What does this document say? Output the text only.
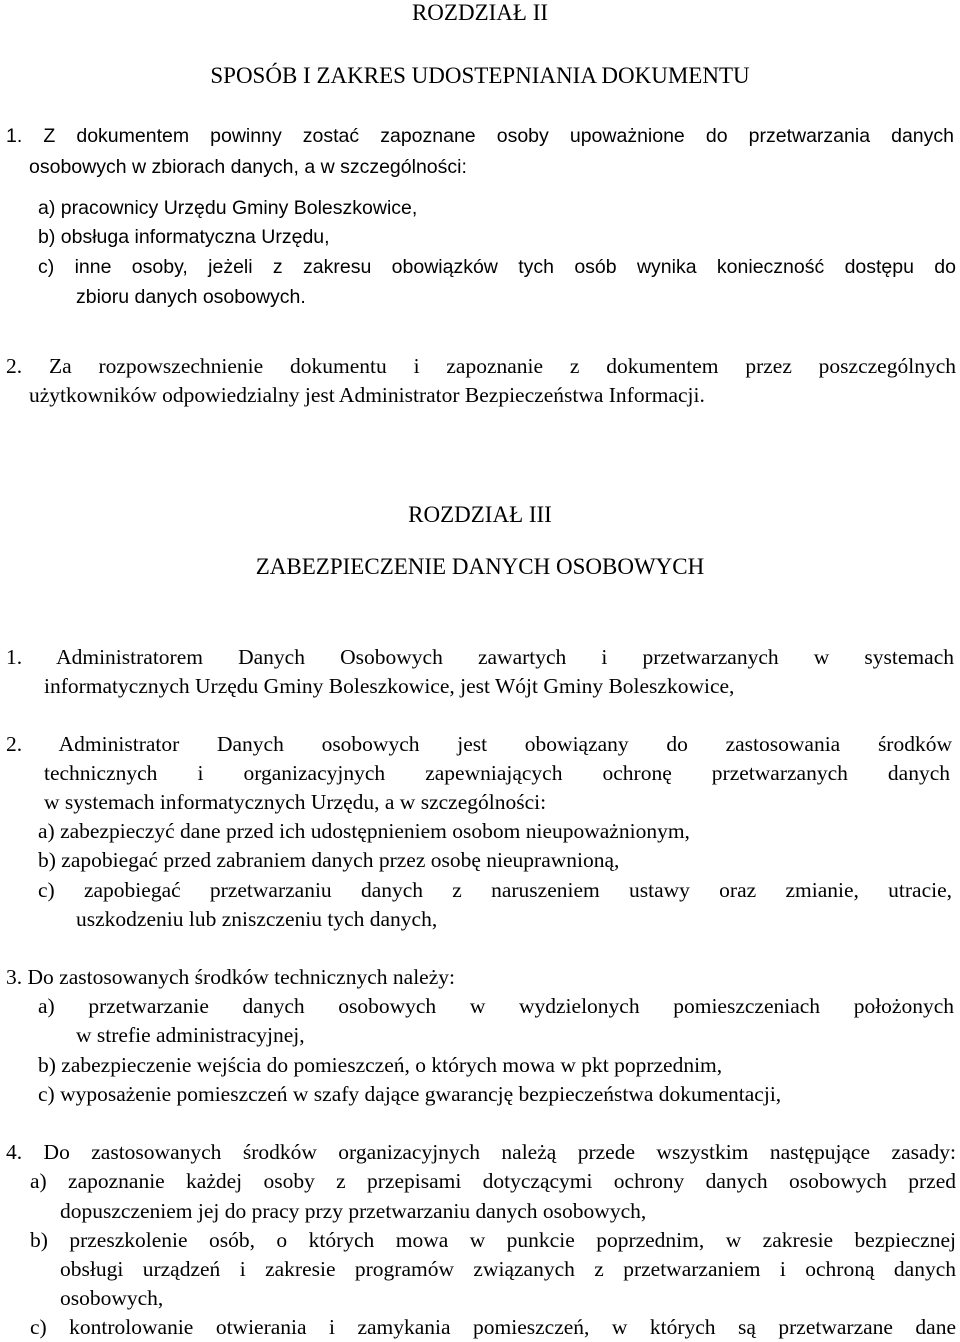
ROZDZIAŁ II
SPOSÓB I ZAKRES UDOSTEPNIANIA DOKUMENTU
1. Z dokumentem powinny zostać zapoznane osoby upoważnione do przetwarzania danych
osobowych w zbiorach danych, a w szczególności:
a) pracownicy Urzędu Gminy Boleszkowice,
b) obsługa informatyczna Urzędu,
c) inne osoby, jeżeli z zakresu obowiązków tych osób wynika konieczność dostępu do
zbioru danych osobowych.
2. Za rozpowszechnienie dokumentu i zapoznanie z dokumentem przez poszczególnych
użytkowników odpowiedzialny jest Administrator Bezpieczeństwa Informacji.
ROZDZIAŁ III
ZABEZPIECZENIE DANYCH OSOBOWYCH
1. Administratorem Danych Osobowych zawartych i przetwarzanych w systemach
informatycznych Urzędu Gminy Boleszkowice, jest Wójt Gminy Boleszkowice,
2. Administrator Danych osobowych jest obowiązany do zastosowania środków
technicznych i organizacyjnych zapewniających ochronę przetwarzanych danych
w systemach informatycznych Urzędu, a w szczególności:
a) zabezpieczyć dane przed ich udostępnieniem osobom nieupoważnionym,
b) zapobiegać przed zabraniem danych przez osobę nieuprawnioną,
c) zapobiegać przetwarzaniu danych z naruszeniem ustawy oraz zmianie, utracie,
uszkodzeniu lub zniszczeniu tych danych,
3. Do zastosowanych środków technicznych należy:
a) przetwarzanie danych osobowych w wydzielonych pomieszczeniach położonych
w strefie administracyjnej,
b) zabezpieczenie wejścia do pomieszczeń, o których mowa w pkt poprzednim,
c) wyposażenie pomieszczeń w szafy dające gwarancję bezpieczeństwa dokumentacji,
4. Do zastosowanych środków organizacyjnych należą przede wszystkim następujące zasady:
a) zapoznanie każdej osoby z przepisami dotyczącymi ochrony danych osobowych przed
dopuszczeniem jej do pracy przy przetwarzaniu danych osobowych,
b) przeszkolenie osób, o których mowa w punkcie poprzednim, w zakresie bezpiecznej
obsługi urządzeń i zakresie programów związanych z przetwarzaniem i ochroną danych
osobowych,
c) kontrolowanie otwierania i zamykania pomieszczeń, w których są przetwarzane dane
